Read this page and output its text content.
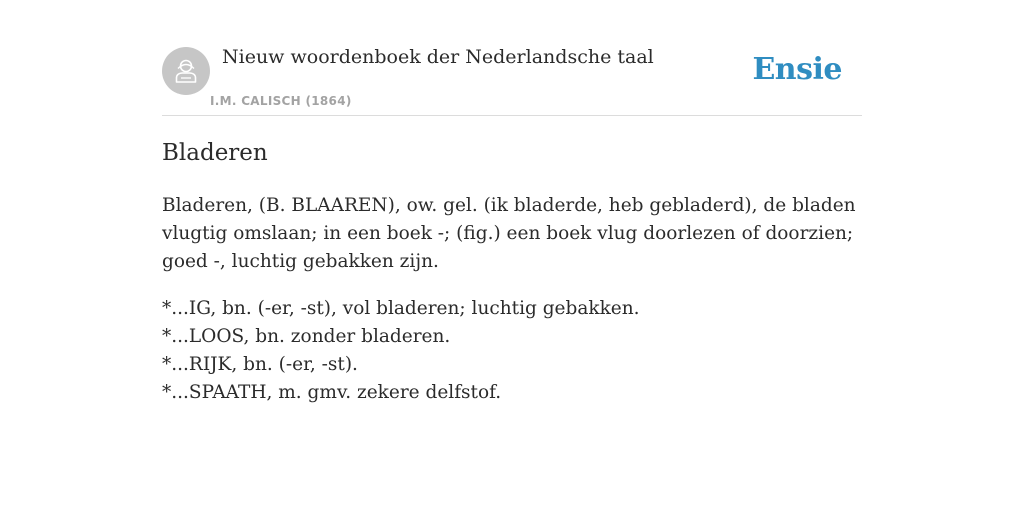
Nieuw woordenboek der Nederlandsche taal
I.M. CALISCH (1864)
Ensie
Bladeren

Bladeren, (B. BLAAREN), ow. gel. (ik bladerde, heb gebladerd), de bladen vlugtig omslaan; in een boek -; (fig.) een boek vlug doorlezen of doorzien; goed -, luchtig gebakken zijn.

*...IG, bn. (-er, -st), vol bladeren; luchtig gebakken.
*...LOOS, bn. zonder bladeren.
*...RIJK, bn. (-er, -st).
*...SPAATH, m. gmv. zekere delfstof.
